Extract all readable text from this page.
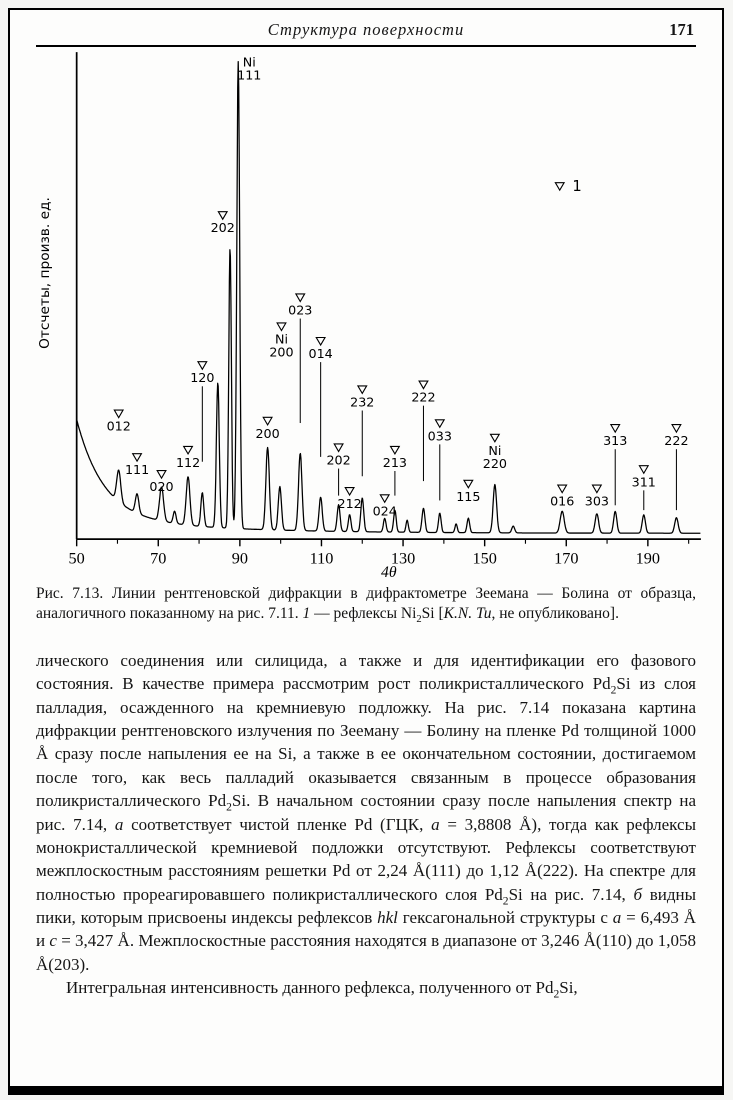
Структура поверхности	171
50	70	90	110	130	150	170	190
4θ
Отсчеты, произв. ед.
012
111
020
112
120
202
Ni
111
200
Ni
200
023
014
202
212
232
024
213
222
033
115
Ni
220
016 303
313
311
222
1
Рис. 7.13. Линии рентгеновской дифракции в дифрактометре Зеемана — Болина от образца, аналогичного показанному на рис. 7.11. 1 — рефлексы $Ni_2Si$ [K.N. Tu, не опубликовано].

лического соединения или силицида, а также и для идентификации его фазового состояния. В качестве примера рассмотрим рост поликристаллического $Pd_2Si$ из слоя палладия, осажденного на кремниевую подложку. На рис. 7.14 показана картина дифракции рентгеновского излучения по Зееману — Болину на пленке Pd толщиной 1000 Å сразу после напыления ее на Si, а также в ее окончательном состоянии, достигаемом после того, как весь палладий оказывается связанным в процессе образования поликристаллического $Pd_2Si$. В начальном состоянии сразу после напыления спектр на рис. 7.14, а соответствует чистой пленке Pd (ГЦК, a = 3,8808 Å), тогда как рефлексы монокристаллической кремниевой подложки отсутствуют. Рефлексы соответствуют межплоскостным расстояниям решетки Pd от 2,24 Å(111) до 1,12 Å(222). На спектре для полностью прореагировавшего поликристаллического слоя $Pd_2Si$ на рис. 7.14, б видны пики, которым присвоены индексы рефлексов hkl гексагональной структуры с a = 6,493 Å и c = 3,427 Å. Межплоскостные расстояния находятся в диапазоне от 3,246 Å(110) до 1,058 Å(203).

Интегральная интенсивность данного рефлекса, полученного от $Pd_2Si$,
